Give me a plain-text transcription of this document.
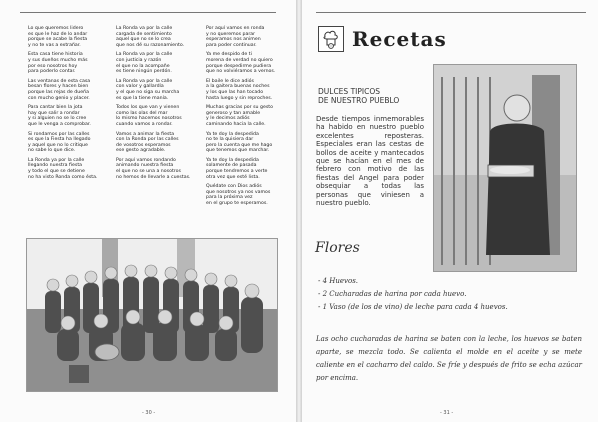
Lo que queremos lidero
es que le haz de lo andar
porque se acabe la fiesta
y no te vas a extrañar.
Esta casa tiene historia
y sus dueños mucho más
por eso nosotros hoy
para poderlo contar.
Las ventanas de esta casa
besan flores y hacen bien
porque las rejas de dueña
con mucho genio y placer.
Para cantar bien la jota
hay que salir a rondar
y si alguien no se lo cree
que le venga a comprobar.
Si rondamos por las calles
es que la Fiesta ha llegado
y aquel que no lo critique
no sabe lo que dice.
La Ronda ya por la calle
llegando nuestra fiesta
y todo el que se detiene
no ha visto Ronda como ésta.
La Ronda va por la calle
cargada de sentimiento
aquel que no se lo crea
que nos dé su razonamiento.
La Ronda va por la calle
con justicia y razón
el que no la acompañe
es tiene ningún perdón.
La Ronda va por la calle
con valor y gallardía
y el que no siga su marcha
es que la tiene manía.
Todos los que van y vienen
como las olas del mar
lo mismo hacemos nosotros
cuando vamos a rondar.
Vamos a animar la fiesta
con la Ronda por las calles
de vosotros esperamos
ese gesto agradable.
Por aquí vamos rondando
animando nuestra fiesta
el que no se una a nosotros
no hemos de llevarle a cuestas.
Por aquí vamos en ronda
y no queremos parar
esperamos nos animen
para poder continuar.
Ya me despido de ti
morena de verdad no quiero
porque despedirme pudiera
que no volviéramos a vernos.
El baile le dice adiós
a la gaitera buenas noches
y los que las han tocado
hasta luego y sin reproches.
Muchas gracias por su gesto
generoso y tan amable
y le decimos adiós
caminando hacia la calle.
Ya te doy la despedida
no te la quisiera dar
pero la cuenta que me hago
que tenemos que marchar.
Ya te doy la despedida
solamente de pasada
porque tendremos a verte
otra vez que esté lista.
Quédate con Dios adiós
que nosotros ya nos vamos
para la próxima vez
en el grupo te esperamos.
- 30 -
Recetas
DULCES TIPICOS
DE NUESTRO PUEBLO
Desde tiempos inmemorables ha habido en nuestro pueblo excelentes reposteras. Especiales eran las cestas de bollos de aceite y mantecados que se hacían en el mes de febrero con motivo de las fiestas del Angel para poder obsequiar a todas las personas que viniesen a nuestro pueblo.
Flores
- 4 Huevos.
- 2 Cucharadas de harina por cada huevo.
- 1 Vaso (de los de vino) de leche para cada 4 huevos.
Las ocho cucharadas de harina se baten con la leche, los huevos se baten aparte, se mezcla todo. Se calienta el molde en el aceite y se mete caliente en el cacharro del caldo. Se fríe y después de frito se echa azúcar por encima.
- 31 -
